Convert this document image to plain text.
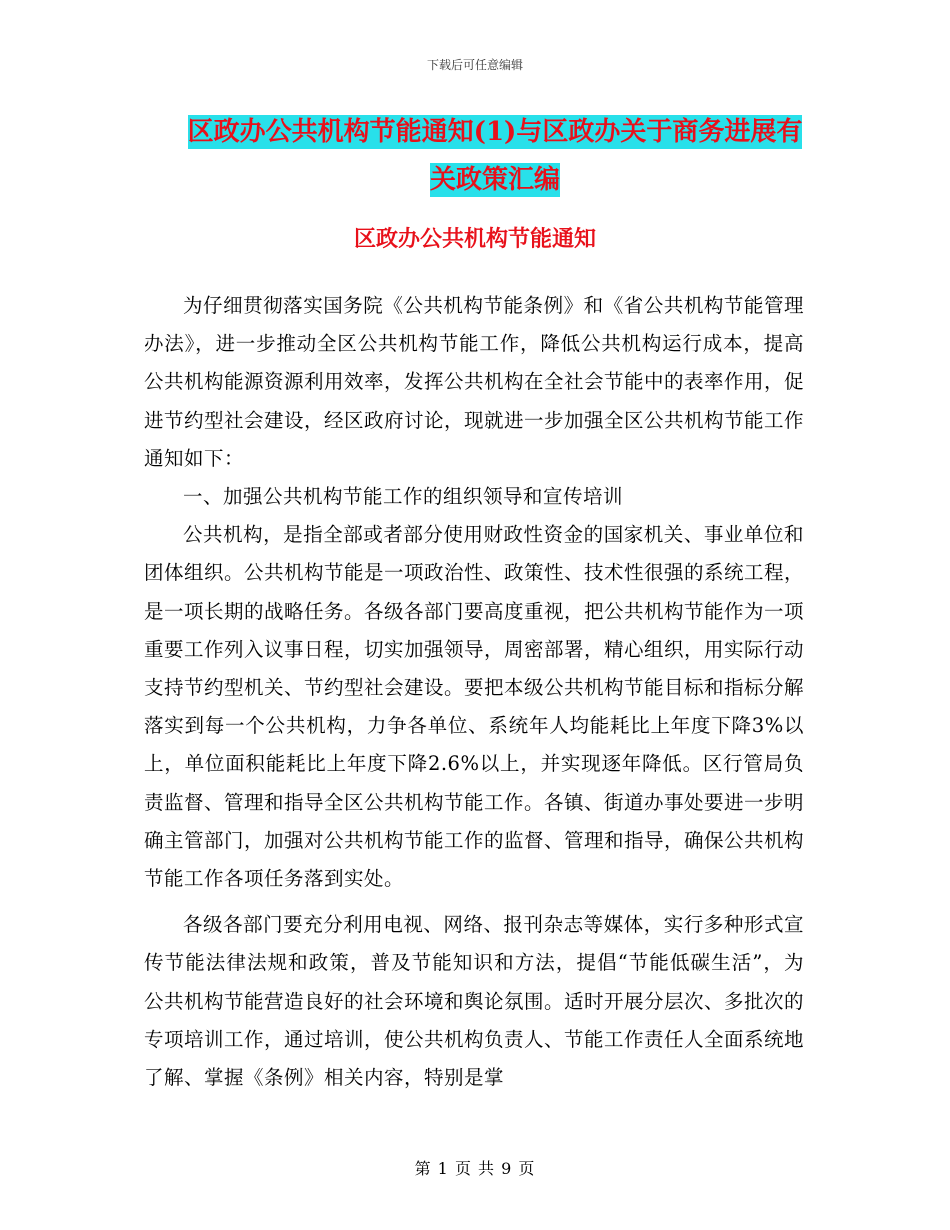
下载后可任意编辑
区政办公共机构节能通知(1)与区政办关于商务进展有
关政策汇编
区政办公共机构节能通知

为仔细贯彻落实国务院《公共机构节能条例》和《省公共机构节能管理办法》，进一步推动全区公共机构节能工作，降低公共机构运行成本，提高公共机构能源资源利用效率，发挥公共机构在全社会节能中的表率作用，促进节约型社会建设，经区政府讨论，现就进一步加强全区公共机构节能工作通知如下：

一、加强公共机构节能工作的组织领导和宣传培训

公共机构，是指全部或者部分使用财政性资金的国家机关、事业单位和团体组织。公共机构节能是一项政治性、政策性、技术性很强的系统工程，是一项长期的战略任务。各级各部门要高度重视，把公共机构节能作为一项重要工作列入议事日程，切实加强领导，周密部署，精心组织，用实际行动支持节约型机关、节约型社会建设。要把本级公共机构节能目标和指标分解落实到每一个公共机构，力争各单位、系统年人均能耗比上年度下降3%以上，单位面积能耗比上年度下降2.6%以上，并实现逐年降低。区行管局负责监督、管理和指导全区公共机构节能工作。各镇、街道办事处要进一步明确主管部门，加强对公共机构节能工作的监督、管理和指导，确保公共机构节能工作各项任务落到实处。

各级各部门要充分利用电视、网络、报刊杂志等媒体，实行多种形式宣传节能法律法规和政策，普及节能知识和方法，提倡“节能低碳生活”，为公共机构节能营造良好的社会环境和舆论氛围。适时开展分层次、多批次的专项培训工作，通过培训，使公共机构负责人、节能工作责任人全面系统地了解、掌握《条例》相关内容，特别是掌

第 1 页 共 9 页
